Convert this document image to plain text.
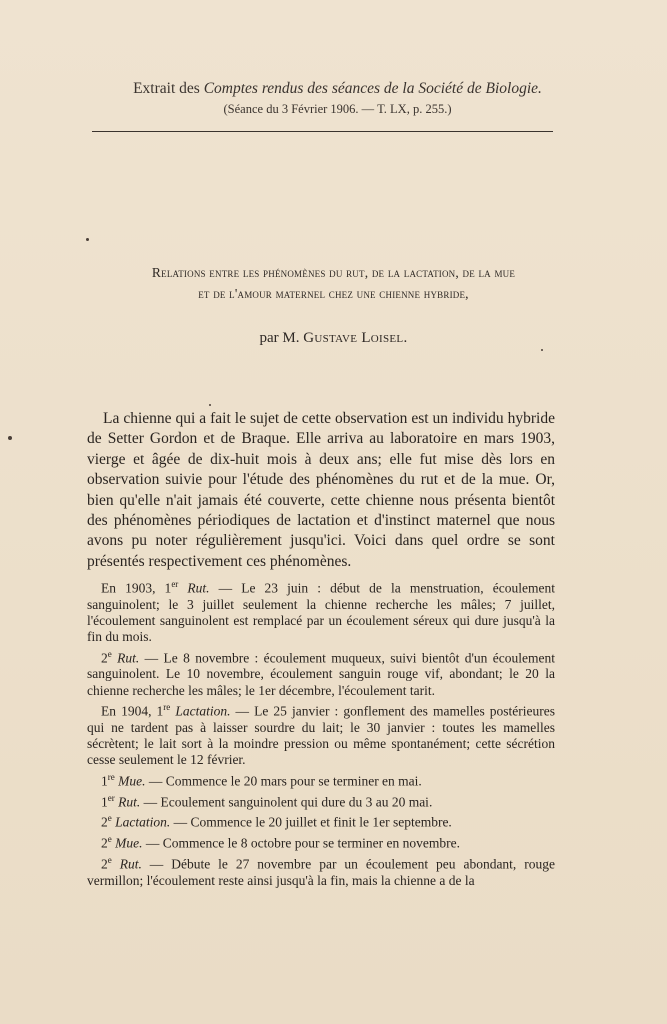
Extrait des Comptes rendus des séances de la Société de Biologie.
(Séance du 3 Février 1906. — T. LX, p. 255.)
Relations entre les phénomènes du rut, de la lactation, de la mue
et de l'amour maternel chez une chienne hybride,
par M. Gustave Loisel.

La chienne qui a fait le sujet de cette observation est un individu hybride de Setter Gordon et de Braque. Elle arriva au laboratoire en mars 1903, vierge et âgée de dix-huit mois à deux ans; elle fut mise dès lors en observation suivie pour l'étude des phénomènes du rut et de la mue. Or, bien qu'elle n'ait jamais été couverte, cette chienne nous présenta bientôt des phénomènes périodiques de lactation et d'instinct maternel que nous avons pu noter régulièrement jusqu'ici. Voici dans quel ordre se sont présentés respectivement ces phénomènes.

En 1903, 1er Rut. — Le 23 juin : début de la menstruation, écoulement sanguinolent; le 3 juillet seulement la chienne recherche les mâles; 7 juillet, l'écoulement sanguinolent est remplacé par un écoulement séreux qui dure jusqu'à la fin du mois.

2e Rut. — Le 8 novembre : écoulement muqueux, suivi bientôt d'un écoulement sanguinolent. Le 10 novembre, écoulement sanguin rouge vif, abondant; le 20 la chienne recherche les mâles; le 1er décembre, l'écoulement tarit.

En 1904, 1re Lactation. — Le 25 janvier : gonflement des mamelles postérieures qui ne tardent pas à laisser sourdre du lait; le 30 janvier : toutes les mamelles sécrètent; le lait sort à la moindre pression ou même spontanément; cette sécrétion cesse seulement le 12 février.

1re Mue. — Commence le 20 mars pour se terminer en mai.

1er Rut. — Ecoulement sanguinolent qui dure du 3 au 20 mai.

2e Lactation. — Commence le 20 juillet et finit le 1er septembre.

2e Mue. — Commence le 8 octobre pour se terminer en novembre.

2e Rut. — Débute le 27 novembre par un écoulement peu abondant, rouge vermillon; l'écoulement reste ainsi jusqu'à la fin, mais la chienne a de la
